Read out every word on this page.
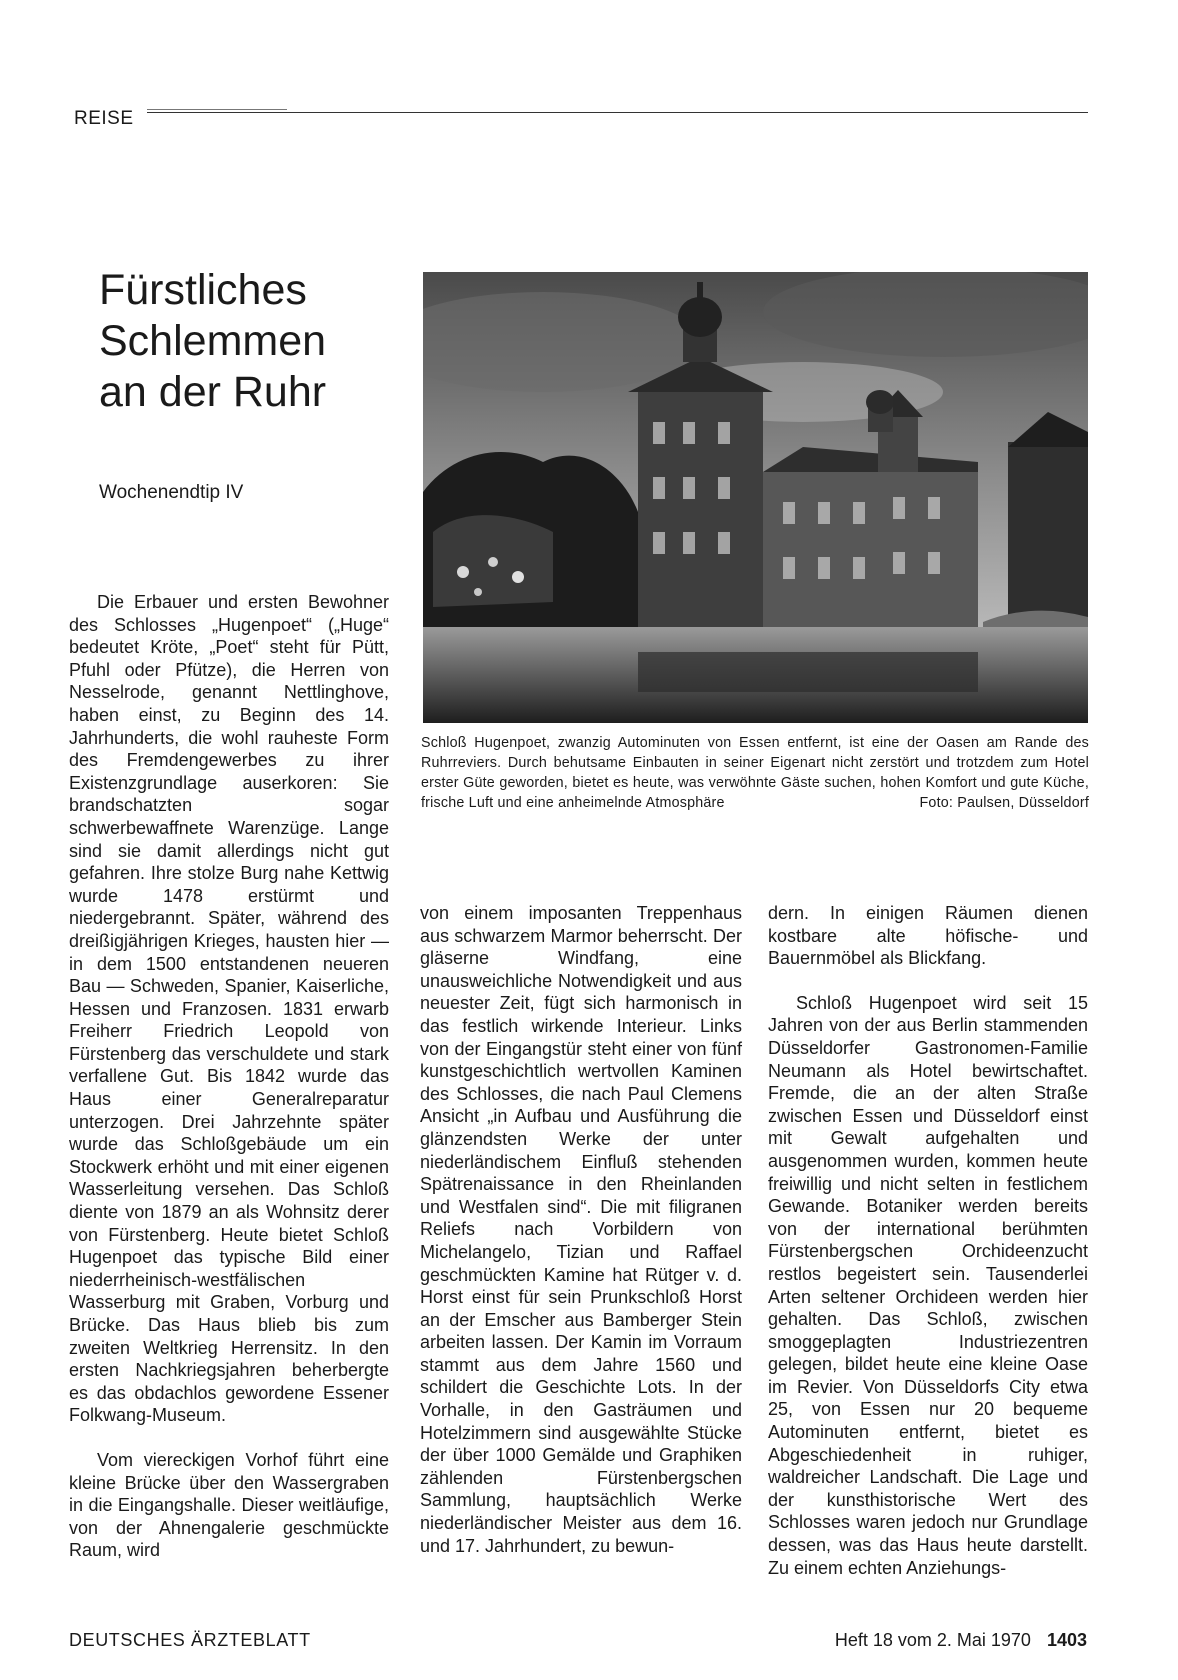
REISE
Fürstliches
Schlemmen
an der Ruhr
Wochenendtip IV
Schloß Hugenpoet, zwanzig Autominuten von Essen entfernt, ist eine der Oasen am Rande des Ruhrreviers. Durch behutsame Einbauten in seiner Eigenart nicht zerstört und trotzdem zum Hotel erster Güte geworden, bietet es heute, was verwöhnte Gäste suchen, hohen Komfort und gute Küche, frische Luft und eine anheimelnde Atmosphäre	Foto: Paulsen, Düsseldorf

Die Erbauer und ersten Bewohner des Schlosses „Hugenpoet“ („Huge“ bedeutet Kröte, „Poet“ steht für Pütt, Pfuhl oder Pfütze), die Herren von Nesselrode, genannt Nettlinghove, haben einst, zu Beginn des 14. Jahrhunderts, die wohl rauheste Form des Fremdengewerbes zu ihrer Existenzgrundlage auserkoren: Sie brandschatzten sogar schwerbewaffnete Warenzüge. Lange sind sie damit allerdings nicht gut gefahren. Ihre stolze Burg nahe Kettwig wurde 1478 erstürmt und niedergebrannt. Später, während des dreißigjährigen Krieges, hausten hier — in dem 1500 entstandenen neueren Bau — Schweden, Spanier, Kaiserliche, Hessen und Franzosen. 1831 erwarb Freiherr Friedrich Leopold von Fürstenberg das verschuldete und stark verfallene Gut. Bis 1842 wurde das Haus einer Generalreparatur unterzogen. Drei Jahrzehnte später wurde das Schloßgebäude um ein Stockwerk erhöht und mit einer eigenen Wasserleitung versehen. Das Schloß diente von 1879 an als Wohnsitz derer von Fürstenberg. Heute bietet Schloß Hugenpoet das typische Bild einer niederrheinisch-westfälischen Wasserburg mit Graben, Vorburg und Brücke. Das Haus blieb bis zum zweiten Weltkrieg Herrensitz. In den ersten Nachkriegsjahren beherbergte es das obdachlos gewordene Essener Folkwang-Museum.

Vom viereckigen Vorhof führt eine kleine Brücke über den Wassergraben in die Eingangshalle. Dieser weitläufige, von der Ahnengalerie geschmückte Raum, wird

von einem imposanten Treppenhaus aus schwarzem Marmor beherrscht. Der gläserne Windfang, eine unausweichliche Notwendigkeit und aus neuester Zeit, fügt sich harmonisch in das festlich wirkende Interieur. Links von der Eingangstür steht einer von fünf kunstgeschichtlich wertvollen Kaminen des Schlosses, die nach Paul Clemens Ansicht „in Aufbau und Ausführung die glänzendsten Werke der unter niederländischem Einfluß stehenden Spätrenaissance in den Rheinlanden und Westfalen sind“. Die mit filigranen Reliefs nach Vorbildern von Michelangelo, Tizian und Raffael geschmückten Kamine hat Rütger v. d. Horst einst für sein Prunkschloß Horst an der Emscher aus Bamberger Stein arbeiten lassen. Der Kamin im Vorraum stammt aus dem Jahre 1560 und schildert die Geschichte Lots. In der Vorhalle, in den Gasträumen und Hotelzimmern sind ausgewählte Stücke der über 1000 Gemälde und Graphiken zählenden Fürstenbergschen Sammlung, hauptsächlich Werke niederländischer Meister aus dem 16. und 17. Jahrhundert, zu bewun-

dern. In einigen Räumen dienen kostbare alte höfische- und Bauernmöbel als Blickfang.

Schloß Hugenpoet wird seit 15 Jahren von der aus Berlin stammenden Düsseldorfer Gastronomen-Familie Neumann als Hotel bewirtschaftet. Fremde, die an der alten Straße zwischen Essen und Düsseldorf einst mit Gewalt aufgehalten und ausgenommen wurden, kommen heute freiwillig und nicht selten in festlichem Gewande. Botaniker werden bereits von der international berühmten Fürstenbergschen Orchideenzucht restlos begeistert sein. Tausenderlei Arten seltener Orchideen werden hier gehalten. Das Schloß, zwischen smoggeplagten Industriezentren gelegen, bildet heute eine kleine Oase im Revier. Von Düsseldorfs City etwa 25, von Essen nur 20 bequeme Autominuten entfernt, bietet es Abgeschiedenheit in ruhiger, waldreicher Landschaft. Die Lage und der kunsthistorische Wert des Schlosses waren jedoch nur Grundlage dessen, was das Haus heute darstellt. Zu einem echten Anziehungs-

DEUTSCHES ÄRZTEBLATT	Heft 18 vom 2. Mai 1970 1403
